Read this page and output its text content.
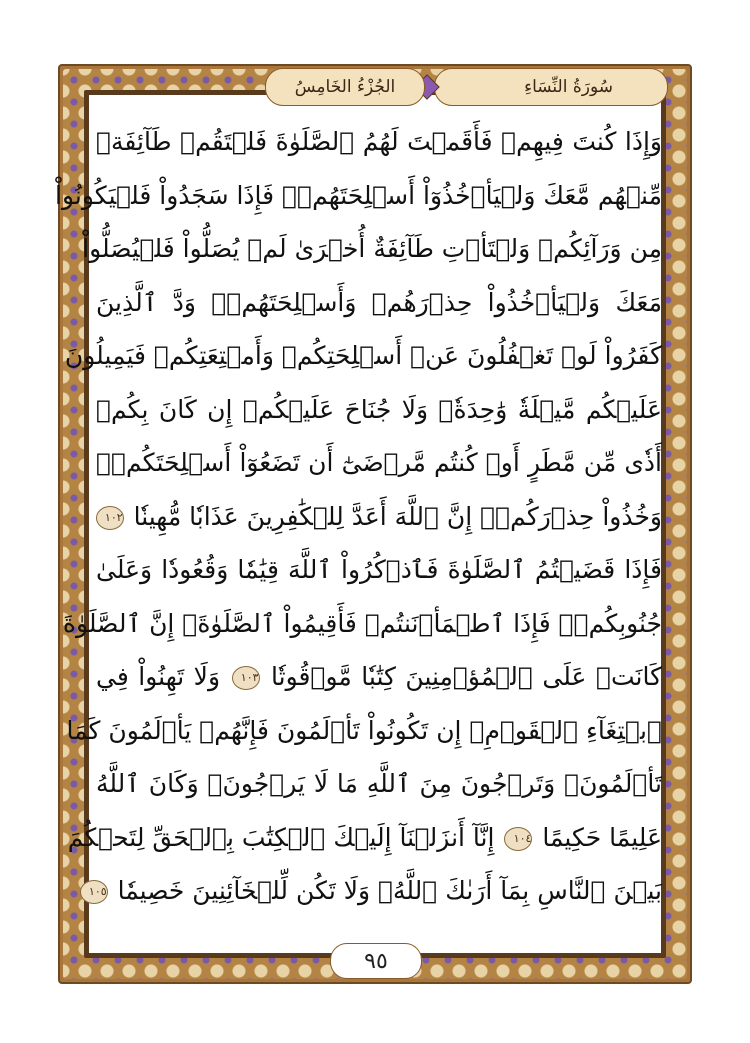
سُورَةُ النِّسَاءِ
الجُزْءُ الخَامِسُ
وَإِذَا كُنتَ فِيهِمۡ فَأَقَمۡتَ لَهُمُ ٱلصَّلَوٰةَ فَلۡتَقُمۡ طَآئِفَةٞ
مِّنۡهُم مَّعَكَ وَلۡيَأۡخُذُوٓاْ أَسۡلِحَتَهُمۡۖ فَإِذَا سَجَدُواْ فَلۡيَكُونُواْ
مِن وَرَآئِكُمۡ وَلۡتَأۡتِ طَآئِفَةٌ أُخۡرَىٰ لَمۡ يُصَلُّواْ فَلۡيُصَلُّواْ
مَعَكَ وَلۡيَأۡخُذُواْ حِذۡرَهُمۡ وَأَسۡلِحَتَهُمۡۗ وَدَّ ٱلَّذِينَ
كَفَرُواْ لَوۡ تَغۡفُلُونَ عَنۡ أَسۡلِحَتِكُمۡ وَأَمۡتِعَتِكُمۡ فَيَمِيلُونَ
عَلَيۡكُم مَّيۡلَةٗ وَٰحِدَةٗۚ وَلَا جُنَاحَ عَلَيۡكُمۡ إِن كَانَ بِكُمۡ
أَذٗى مِّن مَّطَرٍ أَوۡ كُنتُم مَّرۡضَىٰٓ أَن تَضَعُوٓاْ أَسۡلِحَتَكُمۡۖ
وَخُذُواْ حِذۡرَكُمۡۗ إِنَّ ٱللَّهَ أَعَدَّ لِلۡكَٰفِرِينَ عَذَابٗا مُّهِينٗا ١٠٢
فَإِذَا قَضَيۡتُمُ ٱلصَّلَوٰةَ فَٱذۡكُرُواْ ٱللَّهَ قِيَٰمٗا وَقُعُودٗا وَعَلَىٰ
جُنُوبِكُمۡۚ فَإِذَا ٱطۡمَأۡنَنتُمۡ فَأَقِيمُواْ ٱلصَّلَوٰةَۚ إِنَّ ٱلصَّلَوٰةَ
كَانَتۡ عَلَى ٱلۡمُؤۡمِنِينَ كِتَٰبٗا مَّوۡقُوتٗا ١٠٣ وَلَا تَهِنُواْ فِي
ٱبۡتِغَآءِ ٱلۡقَوۡمِۖ إِن تَكُونُواْ تَأۡلَمُونَ فَإِنَّهُمۡ يَأۡلَمُونَ كَمَا
تَأۡلَمُونَۖ وَتَرۡجُونَ مِنَ ٱللَّهِ مَا لَا يَرۡجُونَۗ وَكَانَ ٱللَّهُ
عَلِيمًا حَكِيمًا ١٠٤ إِنَّآ أَنزَلۡنَآ إِلَيۡكَ ٱلۡكِتَٰبَ بِٱلۡحَقِّ لِتَحۡكُمَ
بَيۡنَ ٱلنَّاسِ بِمَآ أَرَىٰكَ ٱللَّهُۚ وَلَا تَكُن لِّلۡخَآئِنِينَ خَصِيمٗا ١٠٥
٩٥
